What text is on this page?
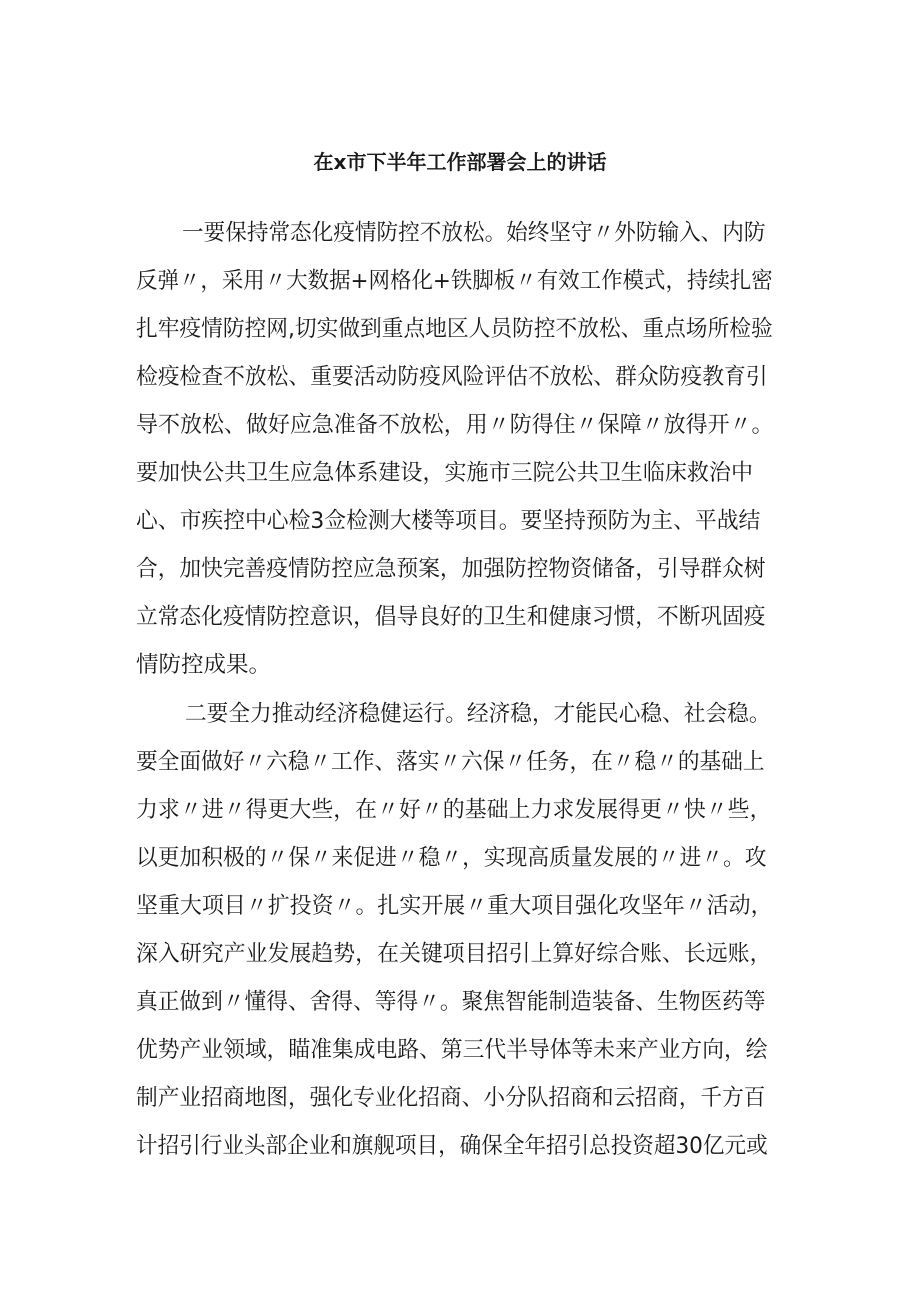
在x市下半年工作部署会上的讲话
一要保持常态化疫情防控不放松。始终坚守〃外防输入、内防
反弹〃，采用〃大数据+网格化+铁脚板〃有效工作模式，持续扎密
扎牢疫情防控网,切实做到重点地区人员防控不放松、重点场所检验
检疫检查不放松、重要活动防疫风险评估不放松、群众防疫教育引
导不放松、做好应急准备不放松，用〃防得住〃保障〃放得开〃。
要加快公共卫生应急体系建设，实施市三院公共卫生临床救治中
心、市疾控中心检3佥检测大楼等项目。要坚持预防为主、平战结
合，加快完善疫情防控应急预案，加强防控物资储备，引导群众树
立常态化疫情防控意识，倡导良好的卫生和健康习惯，不断巩固疫
情防控成果。
二要全力推动经济稳健运行。经济稳，才能民心稳、社会稳。
要全面做好〃六稳〃工作、落实〃六保〃任务，在〃稳〃的基础上
力求〃进〃得更大些，在〃好〃的基础上力求发展得更〃快〃些，
以更加积极的〃保〃来促进〃稳〃，实现高质量发展的〃进〃。攻
坚重大项目〃扩投资〃。扎实开展〃重大项目强化攻坚年〃活动，
深入研究产业发展趋势，在关键项目招引上算好综合账、长远账，
真正做到〃懂得、舍得、等得〃。聚焦智能制造装备、生物医药等
优势产业领域，瞄准集成电路、第三代半导体等未来产业方向，绘
制产业招商地图，强化专业化招商、小分队招商和云招商，千方百
计招引行业头部企业和旗舰项目，确保全年招引总投资超30亿元或
